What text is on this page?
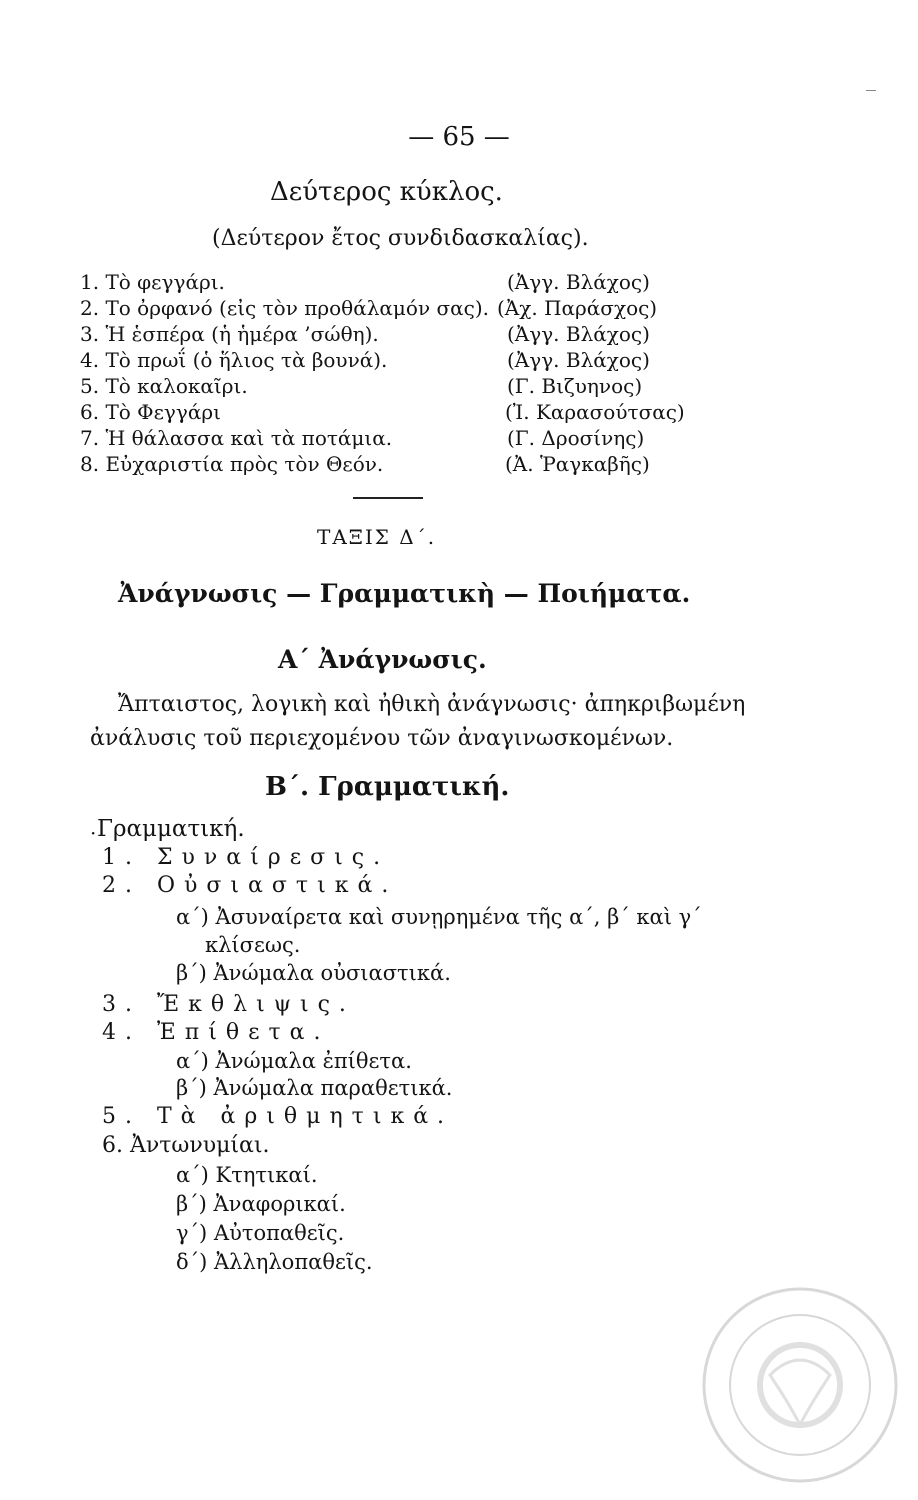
— 65 —
Δεύτερος κύκλος.
(Δεύτερον ἔτος συνδιδασκαλίας).
1. Τὸ φεγγάρι.	(Ἀγγ. Βλάχος)
2. Το ὀρφανό (εἰς τὸν προθάλαμόν σας). (Ἀχ. Παράσχος)
3. Ἡ ἑσπέρα (ἡ ἡμέρα ’σώθη).	(Ἀγγ. Βλάχος)
4. Τὸ πρωΐ (ὁ ἥλιος τὰ βουνά).	(Ἀγγ. Βλάχος)
5. Τὸ καλοκαῖρι.	(Γ. Βιζυηνος)
6. Τὸ Φεγγάρι	(Ἰ. Καρασούτσας)
7. Ἡ θάλασσα καὶ τὰ ποτάμια.	(Γ. Δροσίνης)
8. Εὐχαριστία πρὸς τὸν Θεόν.	(Ἀ. Ῥαγκαβῆς)
ΤΑΞΙΣ Δ΄.
Ἀνάγνωσις — Γραμματικὴ — Ποιήματα.
Α΄ Ἀνάγνωσις.
Ἄπταιστος, λογικὴ καὶ ἠθικὴ ἀνάγνωσις· ἀπηκριβωμένη
ἀνάλυσις τοῦ περιεχομένου τῶν ἀναγινωσκομένων.
Β΄. Γραμματική.
· Γραμματική.
1. Συναίρεσις.
2. Οὐσιαστικά.
α΄) Ἀσυναίρετα καὶ συνῃρημένα τῆς α΄, β΄ καὶ γ΄
κλίσεως.
β΄) Ἀνώμαλα οὐσιαστικά.
3. Ἔκθλιψις.
4. Ἐπίθετα.
α΄) Ἀνώμαλα ἐπίθετα.
β΄) Ἀνώμαλα παραθετικά.
5. Τὰ ἀριθμητικά.
6. Ἀντωνυμίαι.
α΄) Κτητικαί.
β΄) Ἀναφορικαί.
γ΄) Αὐτοπαθεῖς.
δ΄) Ἀλληλοπαθεῖς.
